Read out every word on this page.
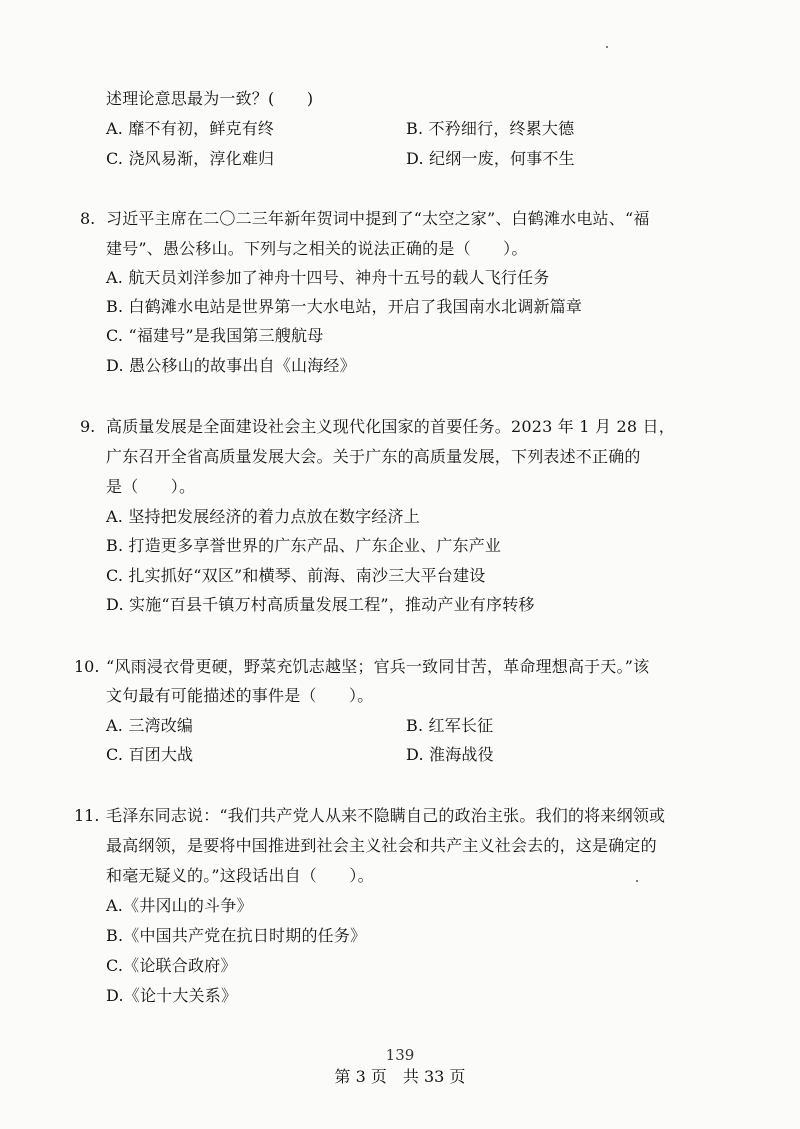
述理论意思最为一致？(　　)
A. 靡不有初，鲜克有终	B. 不矜细行，终累大德
C. 浇风易渐，淳化难归	D. 纪纲一废，何事不生
8. 习近平主席在二〇二三年新年贺词中提到了“太空之家”、白鹤滩水电站、“福
建号”、愚公移山。下列与之相关的说法正确的是（　　）。
A. 航天员刘洋参加了神舟十四号、神舟十五号的载人飞行任务
B. 白鹤滩水电站是世界第一大水电站，开启了我国南水北调新篇章
C. “福建号”是我国第三艘航母
D. 愚公移山的故事出自《山海经》
9. 高质量发展是全面建设社会主义现代化国家的首要任务。2023 年 1 月 28 日，
广东召开全省高质量发展大会。关于广东的高质量发展，下列表述不正确的
是（　　）。
A. 坚持把发展经济的着力点放在数字经济上
B. 打造更多享誉世界的广东产品、广东企业、广东产业
C. 扎实抓好“双区”和横琴、前海、南沙三大平台建设
D. 实施“百县千镇万村高质量发展工程”，推动产业有序转移
10. “风雨浸衣骨更硬，野菜充饥志越坚；官兵一致同甘苦，革命理想高于天。”该
文句最有可能描述的事件是（　　）。
A. 三湾改编	B. 红军长征
C. 百团大战	D. 淮海战役
11. 毛泽东同志说：“我们共产党人从来不隐瞒自己的政治主张。我们的将来纲领或
最高纲领，是要将中国推进到社会主义社会和共产主义社会去的，这是确定的
和毫无疑义的。”这段话出自（　　）。
A.《井冈山的斗争》
B.《中国共产党在抗日时期的任务》
C.《论联合政府》
D.《论十大关系》
139
第 3 页　共 33 页
